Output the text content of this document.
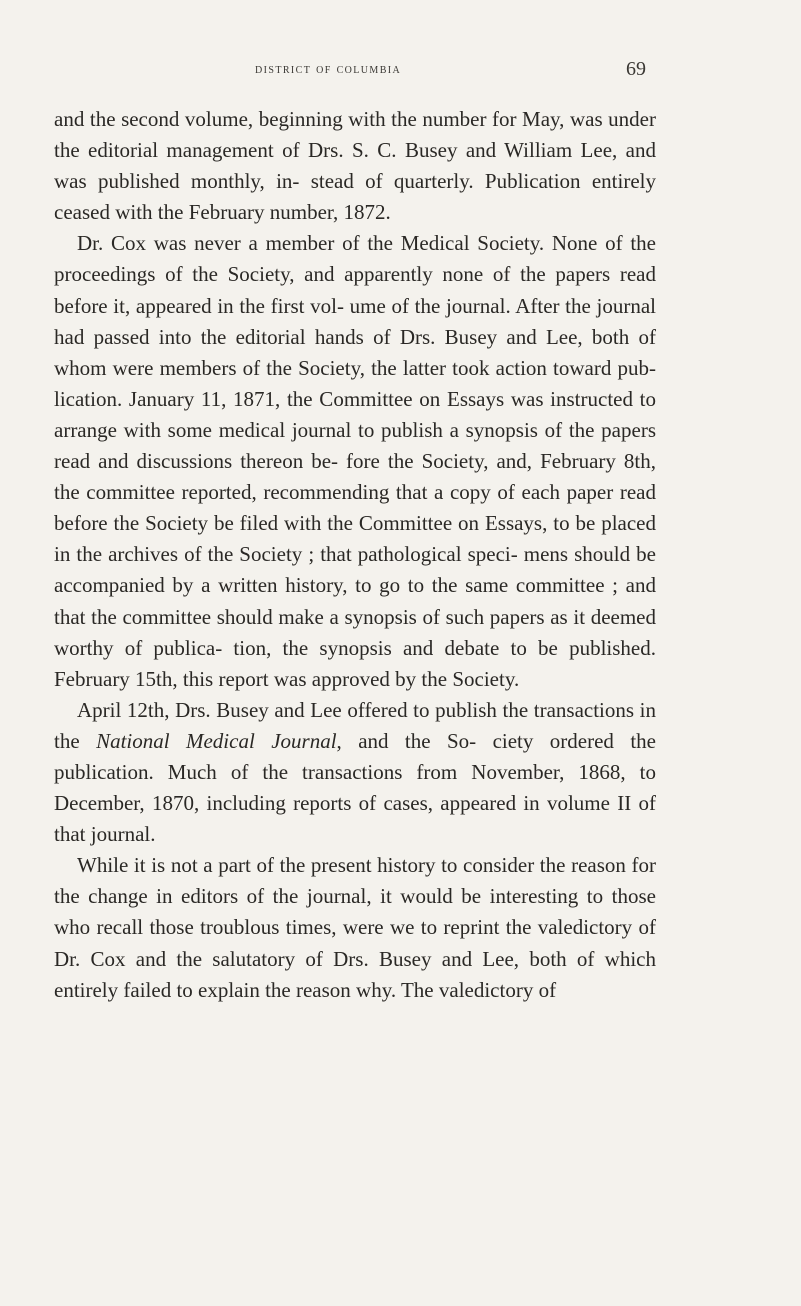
district of columbia	69

and the second volume, beginning with the number for May, was under the editorial management of Drs. S. C. Busey and William Lee, and was published monthly, in- stead of quarterly. Publication entirely ceased with the February number, 1872.

Dr. Cox was never a member of the Medical Society. None of the proceedings of the Society, and apparently none of the papers read before it, appeared in the first vol- ume of the journal. After the journal had passed into the editorial hands of Drs. Busey and Lee, both of whom were members of the Society, the latter took action toward pub- lication. January 11, 1871, the Committee on Essays was instructed to arrange with some medical journal to publish a synopsis of the papers read and discussions thereon be- fore the Society, and, February 8th, the committee reported, recommending that a copy of each paper read before the Society be filed with the Committee on Essays, to be placed in the archives of the Society ; that pathological speci- mens should be accompanied by a written history, to go to the same committee ; and that the committee should make a synopsis of such papers as it deemed worthy of publica- tion, the synopsis and debate to be published. February 15th, this report was approved by the Society.

April 12th, Drs. Busey and Lee offered to publish the transactions in the National Medical Journal, and the So- ciety ordered the publication. Much of the transactions from November, 1868, to December, 1870, including reports of cases, appeared in volume II of that journal.

While it is not a part of the present history to consider the reason for the change in editors of the journal, it would be interesting to those who recall those troublous times, were we to reprint the valedictory of Dr. Cox and the salutatory of Drs. Busey and Lee, both of which entirely failed to explain the reason why. The valedictory of
